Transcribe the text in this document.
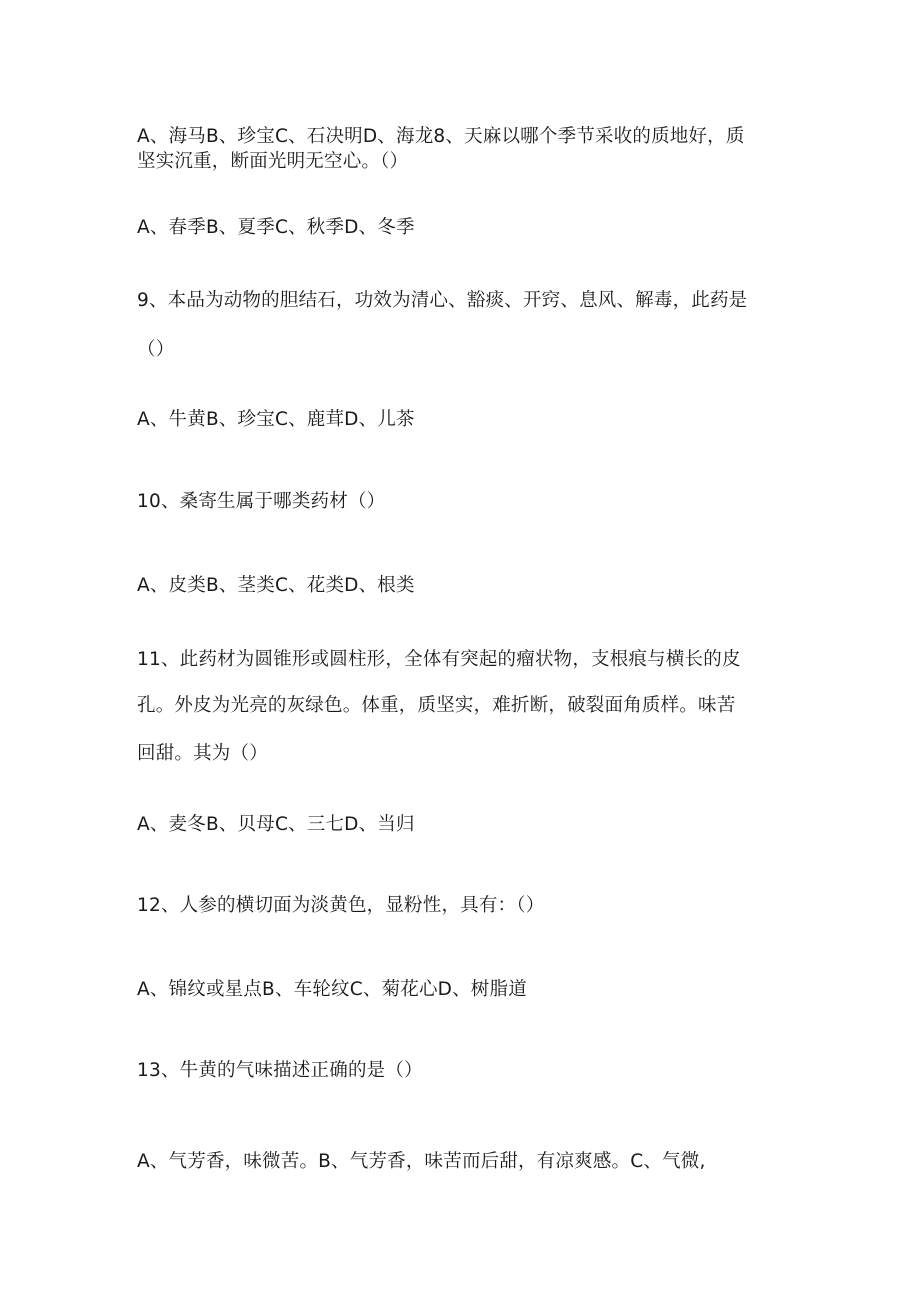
A、海马B、珍宝C、石决明D、海龙8、天麻以哪个季节采收的质地好，质

坚实沉重，断面光明无空心。（）

A、春季B、夏季C、秋季D、冬季

9、本品为动物的胆结石，功效为清心、豁痰、开窍、息风、解毒，此药是

（）

A、牛黄B、珍宝C、鹿茸D、儿茶

10、桑寄生属于哪类药材（）

A、皮类B、茎类C、花类D、根类

11、此药材为圆锥形或圆柱形，全体有突起的瘤状物，支根痕与横长的皮

孔。外皮为光亮的灰绿色。体重，质坚实，难折断，破裂面角质样。味苦

回甜。其为（）

A、麦冬B、贝母C、三七D、当归

12、人参的横切面为淡黄色，显粉性，具有：（）

A、锦纹或星点B、车轮纹C、菊花心D、树脂道

13、牛黄的气味描述正确的是（）

A、气芳香，味微苦。B、气芳香，味苦而后甜，有凉爽感。C、气微,
